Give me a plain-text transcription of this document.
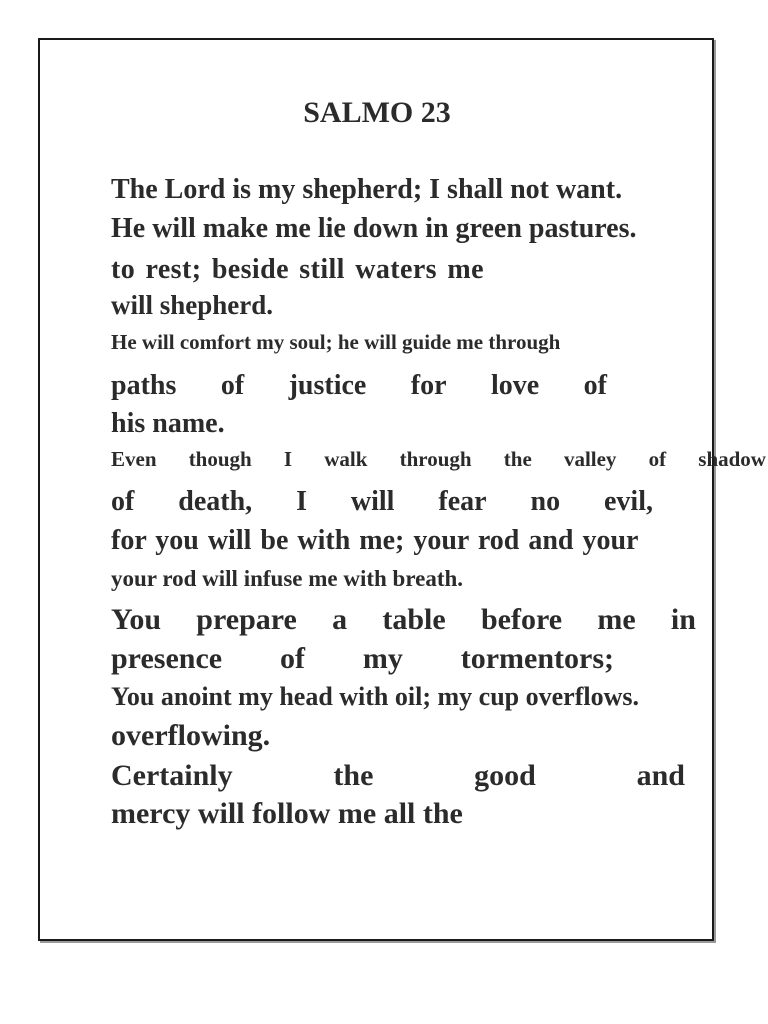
SALMO 23
The Lord is my shepherd; I shall not want.
He will make me lie down in green pastures.
to rest; beside still waters me
will shepherd.
He will comfort my soul; he will guide me through
paths of justice for love of
his name.
Even though I walk through the valley of shadow
of death, I will fear no evil,
for you will be with me; your rod and your
your rod will infuse me with breath.
You prepare a table before me in
presence of my tormentors;
You anoint my head with oil; my cup overflows.
overflowing.
Certainly	the	good	and
mercy will follow me all the
